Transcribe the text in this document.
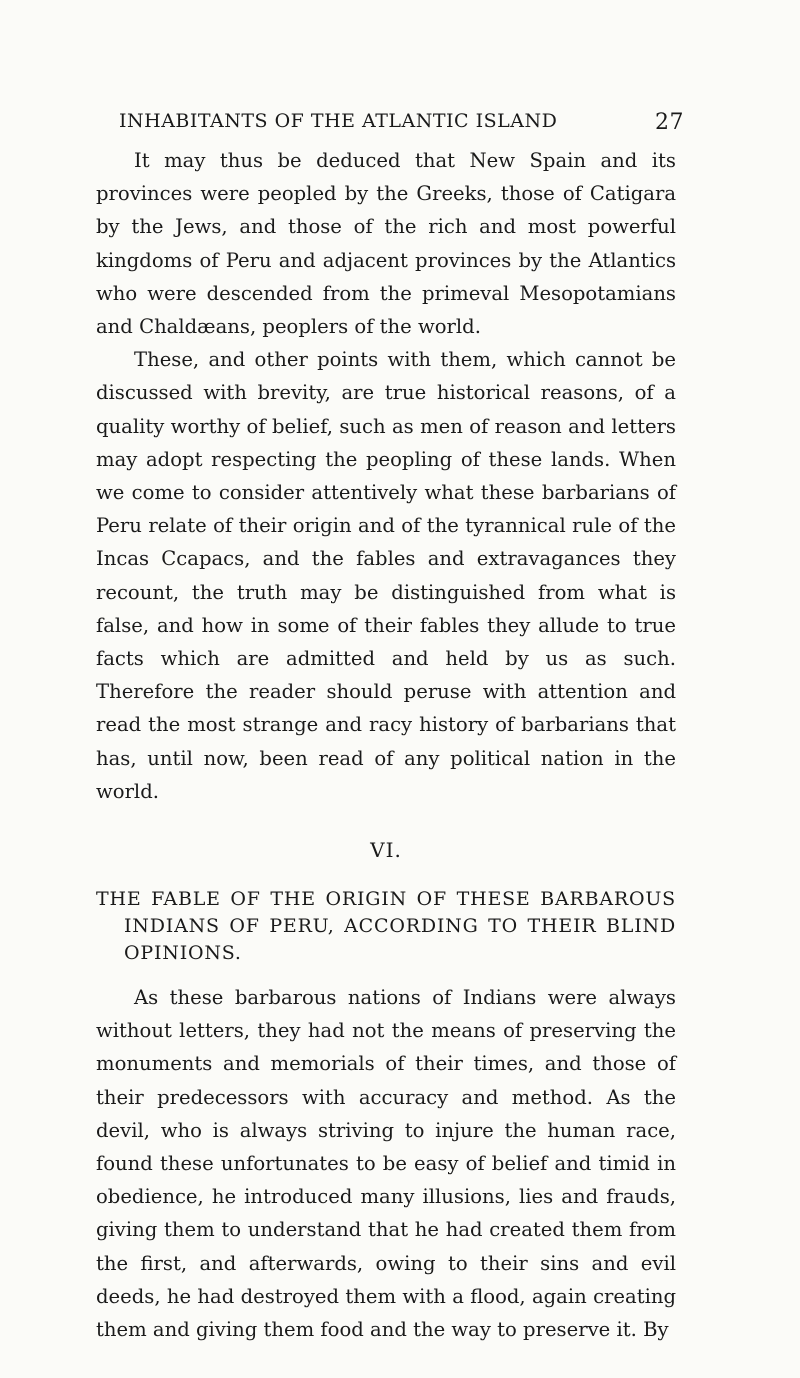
INHABITANTS OF THE ATLANTIC ISLAND	27

It may thus be deduced that New Spain and its provinces were peopled by the Greeks, those of Catigara by the Jews, and those of the rich and most powerful kingdoms of Peru and adjacent provinces by the Atlantics who were descended from the primeval Mesopotamians and Chaldæans, peoplers of the world.

These, and other points with them, which cannot be discussed with brevity, are true historical reasons, of a quality worthy of belief, such as men of reason and letters may adopt respecting the peopling of these lands. When we come to consider attentively what these barbarians of Peru relate of their origin and of the tyrannical rule of the Incas Ccapacs, and the fables and extravagances they recount, the truth may be distinguished from what is false, and how in some of their fables they allude to true facts which are admitted and held by us as such. Therefore the reader should peruse with attention and read the most strange and racy history of barbarians that has, until now, been read of any political nation in the world.

VI.
THE FABLE OF THE ORIGIN OF THESE BARBAROUS INDIANS OF PERU, ACCORDING TO THEIR BLIND OPINIONS.

As these barbarous nations of Indians were always without letters, they had not the means of preserving the monuments and memorials of their times, and those of their predecessors with accuracy and method. As the devil, who is always striving to injure the human race, found these unfortunates to be easy of belief and timid in obedience, he introduced many illusions, lies and frauds, giving them to understand that he had created them from the first, and afterwards, owing to their sins and evil deeds, he had destroyed them with a flood, again creating them and giving them food and the way to preserve it. By
